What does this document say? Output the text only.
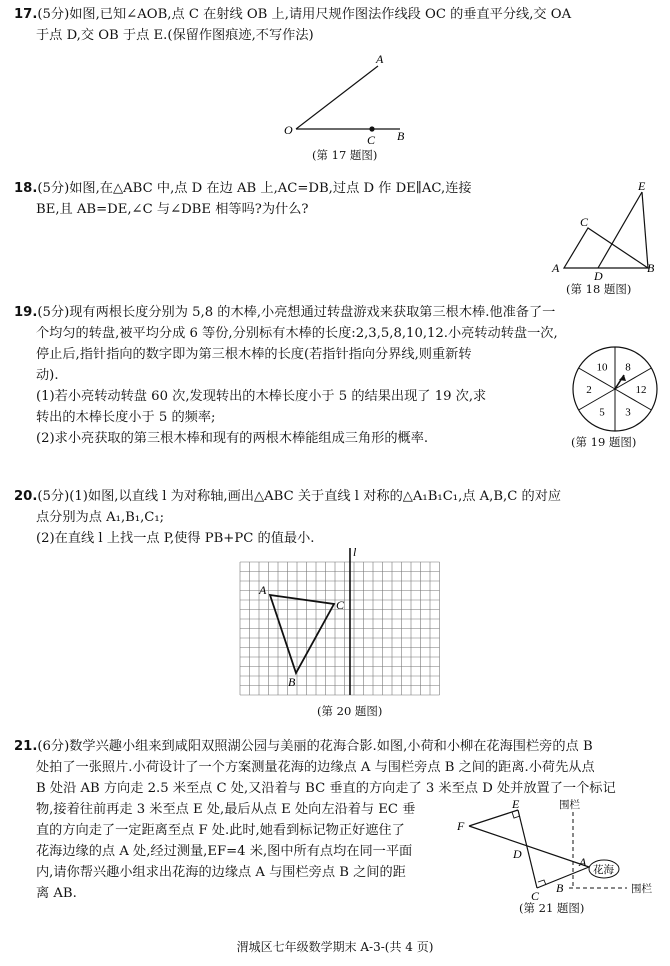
17.(5分)如图,已知∠AOB,点 C 在射线 OB 上,请用尺规作图法作线段 OC 的垂直平分线,交 OA

于点 D,交 OB 于点 E.(保留作图痕迹,不写作法)

A
O
C B
(第 17 题图)

18.(5分)如图,在△ABC 中,点 D 在边 AB 上,AC=DB,过点 D 作 DE∥AC,连接

BE,且 AB=DE,∠C 与∠DBE 相等吗?为什么?

E
C
A
D
B
(第 18 题图)

19.(5分)现有两根长度分别为 5,8 的木棒,小亮想通过转盘游戏来获取第三根木棒.他准备了一

个均匀的转盘,被平均分成 6 等份,分别标有木棒的长度:2,3,5,8,10,12.小亮转动转盘一次,

停止后,指针指向的数字即为第三根木棒的长度(若指针指向分界线,则重新转

动).

(1)若小亮转动转盘 60 次,发现转出的木棒长度小于 5 的结果出现了 19 次,求

转出的木棒长度小于 5 的频率;

(2)求小亮获取的第三根木棒和现有的两根木棒能组成三角形的概率.

10 8
12
3
5
2
(第 19 题图)

20.(5分)(1)如图,以直线 l 为对称轴,画出△ABC 关于直线 l 对称的△A₁B₁C₁,点 A,B,C 的对应

点分别为点 A₁,B₁,C₁;

(2)在直线 l 上找一点 P,使得 PB+PC 的值最小.

l
A
C
B
(第 20 题图)

21.(6分)数学兴趣小组来到咸阳双照湖公园与美丽的花海合影.如图,小荷和小柳在花海围栏旁的点 B

处拍了一张照片.小荷设计了一个方案测量花海的边缘点 A 与围栏旁点 B 之间的距离.小荷先从点

B 处沿 AB 方向走 2.5 米至点 C 处,又沿着与 BC 垂直的方向走了 3 米至点 D 处并放置了一个标记

物,接着往前再走 3 米至点 E 处,最后从点 E 处向左沿着与 EC 垂

直的方向走了一定距离至点 F 处.此时,她看到标记物正好遮住了

花海边缘的点 A 处,经过测量,EF=4 米,图中所有点均在同一平面

内,请你帮兴趣小组求出花海的边缘点 A 与围栏旁点 B 之间的距

离 AB.

围栏
围栏
花海
E
F
D
A
B
C
(第 21 题图)
渭城区七年级数学期末 A-3-(共 4 页)
